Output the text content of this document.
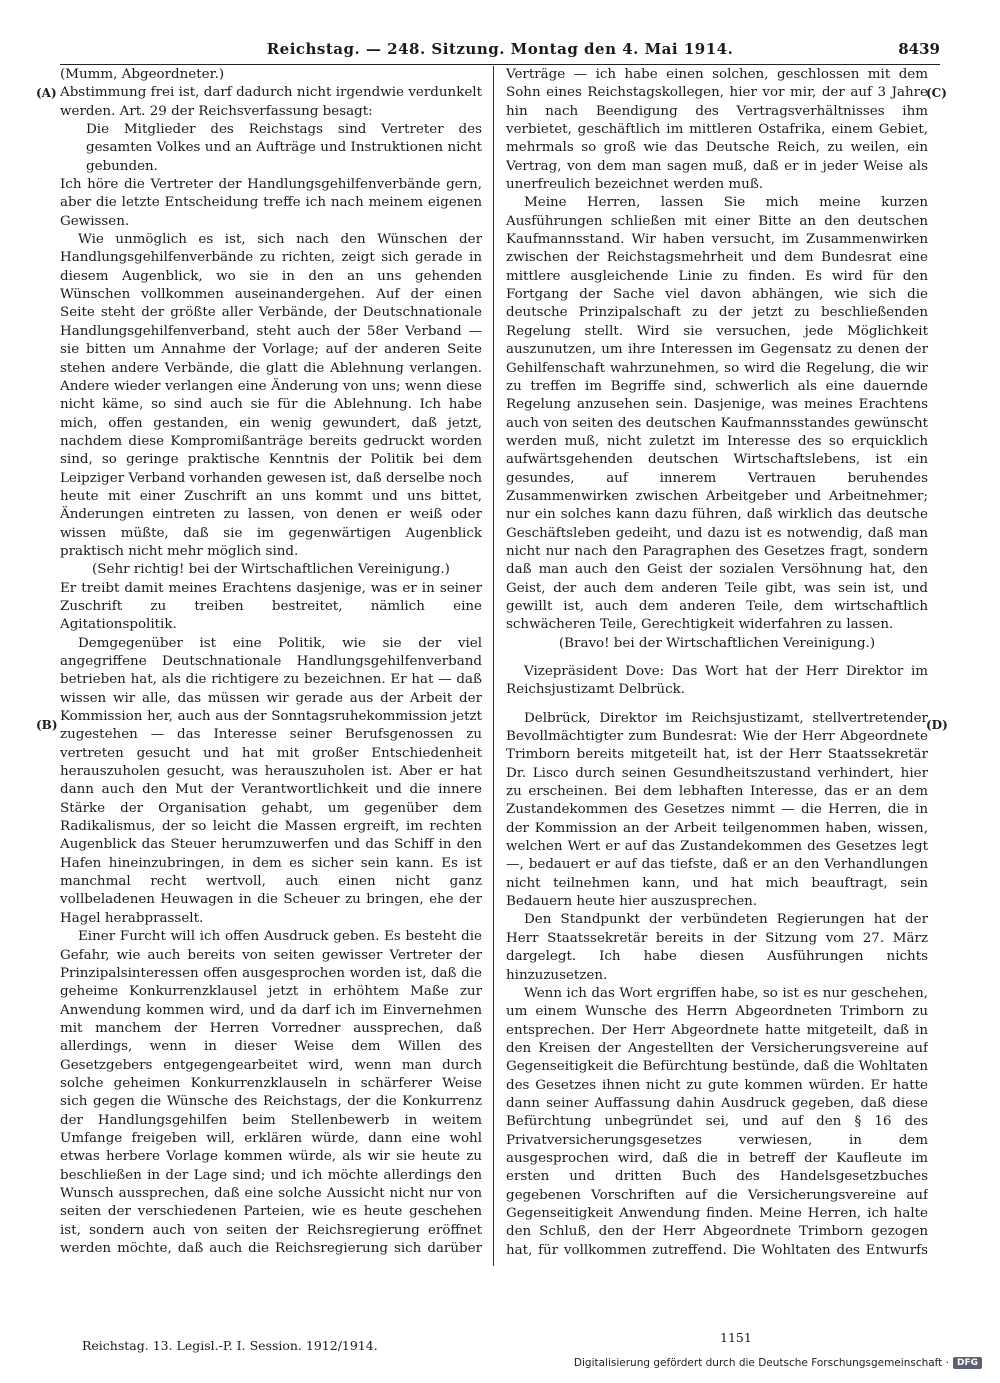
Reichstag. — 248. Sitzung. Montag den 4. Mai 1914.	8439

(Mumm, Abgeordneter.)

Abstimmung frei ist, darf dadurch nicht irgendwie verdunkelt werden. Art. 29 der Reichsverfassung besagt:

Die Mitglieder des Reichstags sind Vertreter des gesamten Volkes und an Aufträge und Instruktionen nicht gebunden.

Ich höre die Vertreter der Handlungsgehilfenverbände gern, aber die letzte Entscheidung treffe ich nach meinem eigenen Gewissen.

Wie unmöglich es ist, sich nach den Wünschen der Handlungsgehilfenverbände zu richten, zeigt sich gerade in diesem Augenblick, wo sie in den an uns gehenden Wünschen vollkommen auseinandergehen. Auf der einen Seite steht der größte aller Verbände, der Deutschnationale Handlungsgehilfenverband, steht auch der 58er Verband — sie bitten um Annahme der Vorlage; auf der anderen Seite stehen andere Verbände, die glatt die Ablehnung verlangen. Andere wieder verlangen eine Änderung von uns; wenn diese nicht käme, so sind auch sie für die Ablehnung. Ich habe mich, offen gestanden, ein wenig gewundert, daß jetzt, nachdem diese Kompromißanträge bereits gedruckt worden sind, so geringe praktische Kenntnis der Politik bei dem Leipziger Verband vorhanden gewesen ist, daß derselbe noch heute mit einer Zuschrift an uns kommt und uns bittet, Änderungen eintreten zu lassen, von denen er weiß oder wissen müßte, daß sie im gegenwärtigen Augenblick praktisch nicht mehr möglich sind.

(Sehr richtig! bei der Wirtschaftlichen Vereinigung.)

Er treibt damit meines Erachtens dasjenige, was er in seiner Zuschrift zu treiben bestreitet, nämlich eine Agitationspolitik.

Demgegenüber ist eine Politik, wie sie der viel angegriffene Deutschnationale Handlungsgehilfenverband betrieben hat, als die richtigere zu bezeichnen. Er hat — daß wissen wir alle, das müssen wir gerade aus der Arbeit der Kommission her, auch aus der Sonntagsruhekommission jetzt zugestehen — das Interesse seiner Berufsgenossen zu vertreten gesucht und hat mit großer Entschiedenheit herauszuholen gesucht, was herauszuholen ist. Aber er hat dann auch den Mut der Verantwortlichkeit und die innere Stärke der Organisation gehabt, um gegenüber dem Radikalismus, der so leicht die Massen ergreift, im rechten Augenblick das Steuer herumzuwerfen und das Schiff in den Hafen hineinzubringen, in dem es sicher sein kann. Es ist manchmal recht wertvoll, auch einen nicht ganz vollbeladenen Heuwagen in die Scheuer zu bringen, ehe der Hagel herabprasselt.

Einer Furcht will ich offen Ausdruck geben. Es besteht die Gefahr, wie auch bereits von seiten gewisser Vertreter der Prinzipalsinteressen offen ausgesprochen worden ist, daß die geheime Konkurrenzklausel jetzt in erhöhtem Maße zur Anwendung kommen wird, und da darf ich im Einvernehmen mit manchem der Herren Vorredner aussprechen, daß allerdings, wenn in dieser Weise dem Willen des Gesetzgebers entgegengearbeitet wird, wenn man durch solche geheimen Konkurrenzklauseln in schärferer Weise sich gegen die Wünsche des Reichstags, der die Konkurrenz der Handlungsgehilfen beim Stellenbewerb in weitem Umfange freigeben will, erklären würde, dann eine wohl etwas herbere Vorlage kommen würde, als wir sie heute zu beschließen in der Lage sind; und ich möchte allerdings den Wunsch aussprechen, daß eine solche Aussicht nicht nur von seiten der verschiedenen Parteien, wie es heute geschehen ist, sondern auch von seiten der Reichsregierung eröffnet werden möchte, daß auch die Reichsregierung sich darüber

Verträge — ich habe einen solchen, geschlossen mit dem Sohn eines Reichstagskollegen, hier vor mir, der auf 3 Jahre hin nach Beendigung des Vertragsverhältnisses ihm verbietet, geschäftlich im mittleren Ostafrika, einem Gebiet, mehrmals so groß wie das Deutsche Reich, zu weilen, ein Vertrag, von dem man sagen muß, daß er in jeder Weise als unerfreulich bezeichnet werden muß.

Meine Herren, lassen Sie mich meine kurzen Ausführungen schließen mit einer Bitte an den deutschen Kaufmannsstand. Wir haben versucht, im Zusammenwirken zwischen der Reichstagsmehrheit und dem Bundesrat eine mittlere ausgleichende Linie zu finden. Es wird für den Fortgang der Sache viel davon abhängen, wie sich die deutsche Prinzipalschaft zu der jetzt zu beschließenden Regelung stellt. Wird sie versuchen, jede Möglichkeit auszunutzen, um ihre Interessen im Gegensatz zu denen der Gehilfenschaft wahrzunehmen, so wird die Regelung, die wir zu treffen im Begriffe sind, schwerlich als eine dauernde Regelung anzusehen sein. Dasjenige, was meines Erachtens auch von seiten des deutschen Kaufmannsstandes gewünscht werden muß, nicht zuletzt im Interesse des so erquicklich aufwärtsgehenden deutschen Wirtschaftslebens, ist ein gesundes, auf innerem Vertrauen beruhendes Zusammenwirken zwischen Arbeitgeber und Arbeitnehmer; nur ein solches kann dazu führen, daß wirklich das deutsche Geschäftsleben gedeiht, und dazu ist es notwendig, daß man nicht nur nach den Paragraphen des Gesetzes fragt, sondern daß man auch den Geist der sozialen Versöhnung hat, den Geist, der auch dem anderen Teile gibt, was sein ist, und gewillt ist, auch dem anderen Teile, dem wirtschaftlich schwächeren Teile, Gerechtigkeit widerfahren zu lassen.

(Bravo! bei der Wirtschaftlichen Vereinigung.)

Vizepräsident Dove: Das Wort hat der Herr Direktor im Reichsjustizamt Delbrück.

Delbrück, Direktor im Reichsjustizamt, stellvertretender Bevollmächtigter zum Bundesrat: Wie der Herr Abgeordnete Trimborn bereits mitgeteilt hat, ist der Herr Staatssekretär Dr. Lisco durch seinen Gesundheitszustand verhindert, hier zu erscheinen. Bei dem lebhaften Interesse, das er an dem Zustandekommen des Gesetzes nimmt — die Herren, die in der Kommission an der Arbeit teilgenommen haben, wissen, welchen Wert er auf das Zustandekommen des Gesetzes legt —, bedauert er auf das tiefste, daß er an den Verhandlungen nicht teilnehmen kann, und hat mich beauftragt, sein Bedauern heute hier auszusprechen.

Den Standpunkt der verbündeten Regierungen hat der Herr Staatssekretär bereits in der Sitzung vom 27. März dargelegt. Ich habe diesen Ausführungen nichts hinzuzusetzen.

Wenn ich das Wort ergriffen habe, so ist es nur geschehen, um einem Wunsche des Herrn Abgeordneten Trimborn zu entsprechen. Der Herr Abgeordnete hatte mitgeteilt, daß in den Kreisen der Angestellten der Versicherungsvereine auf Gegenseitigkeit die Befürchtung bestünde, daß die Wohltaten des Gesetzes ihnen nicht zu gute kommen würden. Er hatte dann seiner Auffassung dahin Ausdruck gegeben, daß diese Befürchtung unbegründet sei, und auf den § 16 des Privatversicherungsgesetzes verwiesen, in dem ausgesprochen wird, daß die in betreff der Kaufleute im ersten und dritten Buch des Handelsgesetzbuches gegebenen Vorschriften auf die Versicherungsvereine auf Gegenseitigkeit Anwendung finden. Meine Herren, ich halte den Schluß, den der Herr Abgeordnete Trimborn gezogen hat, für vollkommen zutreffend. Die Wohltaten des Entwurfs

(A)
(B)
(C)
(D)
Reichstag. 13. Legisl.-P. I. Session. 1912/1914.
1151
Digitalisierung gefördert durch die Deutsche Forschungsgemeinschaft · DFG
